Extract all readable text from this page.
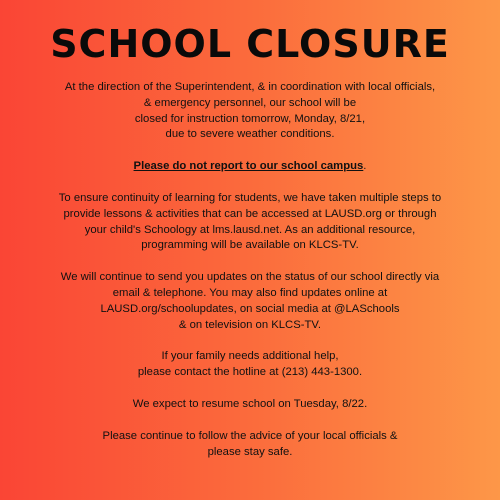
SCHOOL CLOSURE

At the direction of the Superintendent, & in coordination with local officials,
& emergency personnel, our school will be
closed for instruction tomorrow, Monday, 8/21,
due to severe weather conditions.

Please do not report to our school campus.

To ensure continuity of learning for students, we have taken multiple steps to
provide lessons & activities that can be accessed at LAUSD.org or through
your child's Schoology at lms.lausd.net. As an additional resource,
programming will be available on KLCS-TV.

We will continue to send you updates on the status of our school directly via
email & telephone. You may also find updates online at
LAUSD.org/schoolupdates, on social media at @LASchools
& on television on KLCS-TV.

If your family needs additional help,
please contact the hotline at (213) 443-1300.

We expect to resume school on Tuesday, 8/22.

Please continue to follow the advice of your local officials &
please stay safe.
